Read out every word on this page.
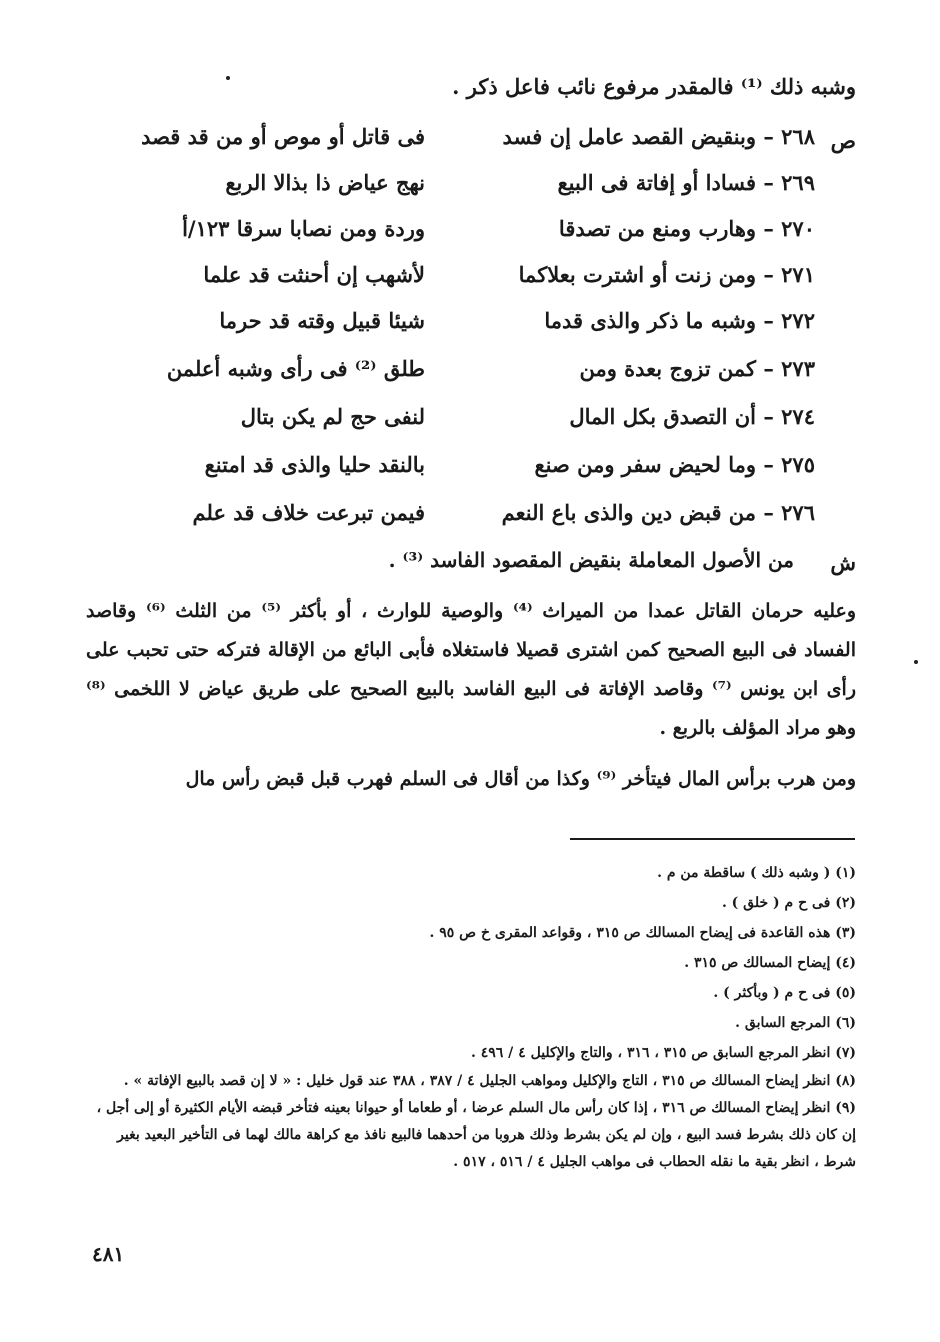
وشبه ذلك ⁽¹⁾ فالمقدر مرفوع نائب فاعل ذكر .
ص
٢٦٨ – وبنقيض القصد عامل إن فسد
فى قاتل أو موص أو من قد قصد
٢٦٩ – فسادا أو إفاتة فى البيع
نهج عياض ذا بذالا الربع
٢٧٠ – وهارب ومنع من تصدقا
وردة ومن نصابا سرقا ١٢٣/أ
٢٧١ – ومن زنت أو اشترت بعلاكما
لأشهب إن أحنثت قد علما
٢٧٢ – وشبه ما ذكر والذى قدما
شيئا قبيل وقته قد حرما
٢٧٣ – كمن تزوج بعدة ومن
طلق ⁽²⁾ فى رأى وشبه أعلمن
٢٧٤ – أن التصدق بكل المال
لنفى حج لم يكن بتال
٢٧٥ – وما لحيض سفر ومن صنع
بالنقد حليا والذى قد امتنع
٢٧٦ – من قبض دين والذى باع النعم
فيمن تبرعت خلاف قد علم
ش
من الأصول المعاملة بنقيض المقصود الفاسد ⁽³⁾ .
وعليه حرمان القاتل عمدا من الميراث ⁽⁴⁾ والوصية للوارث ، أو بأكثر ⁽⁵⁾ من الثلث ⁽⁶⁾ وقاصد الفساد فى البيع الصحيح كمن اشترى قصيلا فاستغلاه فأبى البائع من الإقالة فتركه حتى تحبب على رأى ابن يونس ⁽⁷⁾ وقاصد الإفاتة فى البيع الفاسد بالبيع الصحيح على طريق عياض لا اللخمى ⁽⁸⁾ وهو مراد المؤلف بالربع .
ومن هرب برأس المال فيتأخر ⁽⁹⁾ وكذا من أقال فى السلم فهرب قبل قبض رأس مال
(١) ( وشبه ذلك ) ساقطة من م .
(٢) فى ح م ( خلق ) .
(٣) هذه القاعدة فى إيضاح المسالك ص ٣١٥ ، وقواعد المقرى خ ص ٩٥ .
(٤) إيضاح المسالك ص ٣١٥ .
(٥) فى ح م ( وبأكثر ) .
(٦) المرجع السابق .
(٧) انظر المرجع السابق ص ٣١٥ ، ٣١٦ ، والتاج والإكليل ٤ / ٤٩٦ .
(٨) انظر إيضاح المسالك ص ٣١٥ ، التاج والإكليل ومواهب الجليل ٤ / ٣٨٧ ، ٣٨٨ عند قول خليل : « لا إن قصد بالبيع الإفاتة » .
(٩) انظر إيضاح المسالك ص ٣١٦ ، إذا كان رأس مال السلم عرضا ، أو طعاما أو حيوانا بعينه فتأخر قبضه الأيام الكثيرة أو إلى أجل ، إن كان ذلك بشرط فسد البيع ، وإن لم يكن بشرط وذلك هروبا من أحدهما فالبيع نافذ مع كراهة مالك لهما فى التأخير البعيد بغير شرط ، انظر بقية ما نقله الحطاب فى مواهب الجليل ٤ / ٥١٦ ، ٥١٧ .
٤٨١
